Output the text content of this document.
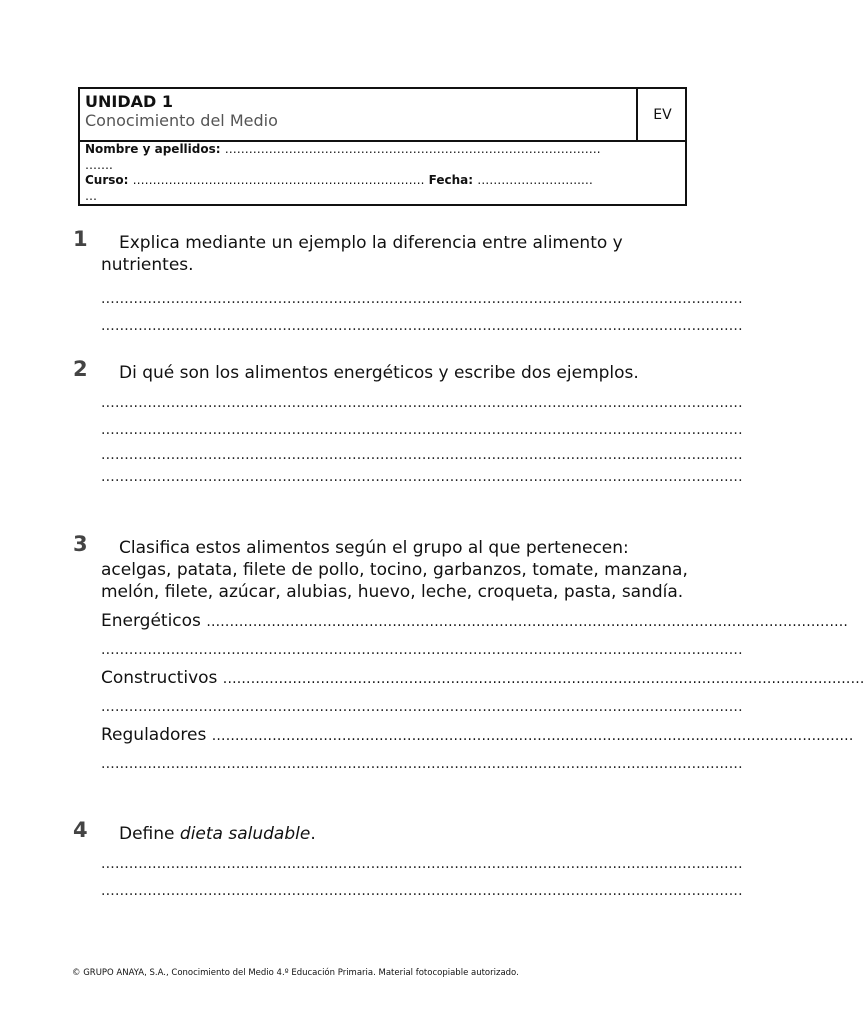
UNIDAD 1
Conocimiento del Medio	EV
Nombre y apellidos: ………………………………………………………………………………….
…….
Curso: ………………………………………………………………. Fecha: ……………………..…
…
1	Explica mediante un ejemplo la diferencia entre alimento y nutrientes.
..........................................................................................................................................
..........................................................................................................................................
2	Di qué son los alimentos energéticos y escribe dos ejemplos.
..........................................................................................................................................
..........................................................................................................................................
..........................................................................................................................................
..........................................................................................................................................
3	Clasifica estos alimentos según el grupo al que pertenecen: acelgas, patata, filete de pollo, tocino, garbanzos, tomate, manzana, melón, filete, azúcar, alubias, huevo, leche, croqueta, pasta, sandía.
Energéticos ..........................................................................................................................................
..........................................................................................................................................
Constructivos ..........................................................................................................................................
..........................................................................................................................................
Reguladores ..........................................................................................................................................
..........................................................................................................................................
4	Define dieta saludable.
..........................................................................................................................................
..........................................................................................................................................
© GRUPO ANAYA, S.A., Conocimiento del Medio 4.º Educación Primaria. Material fotocopiable autorizado.
